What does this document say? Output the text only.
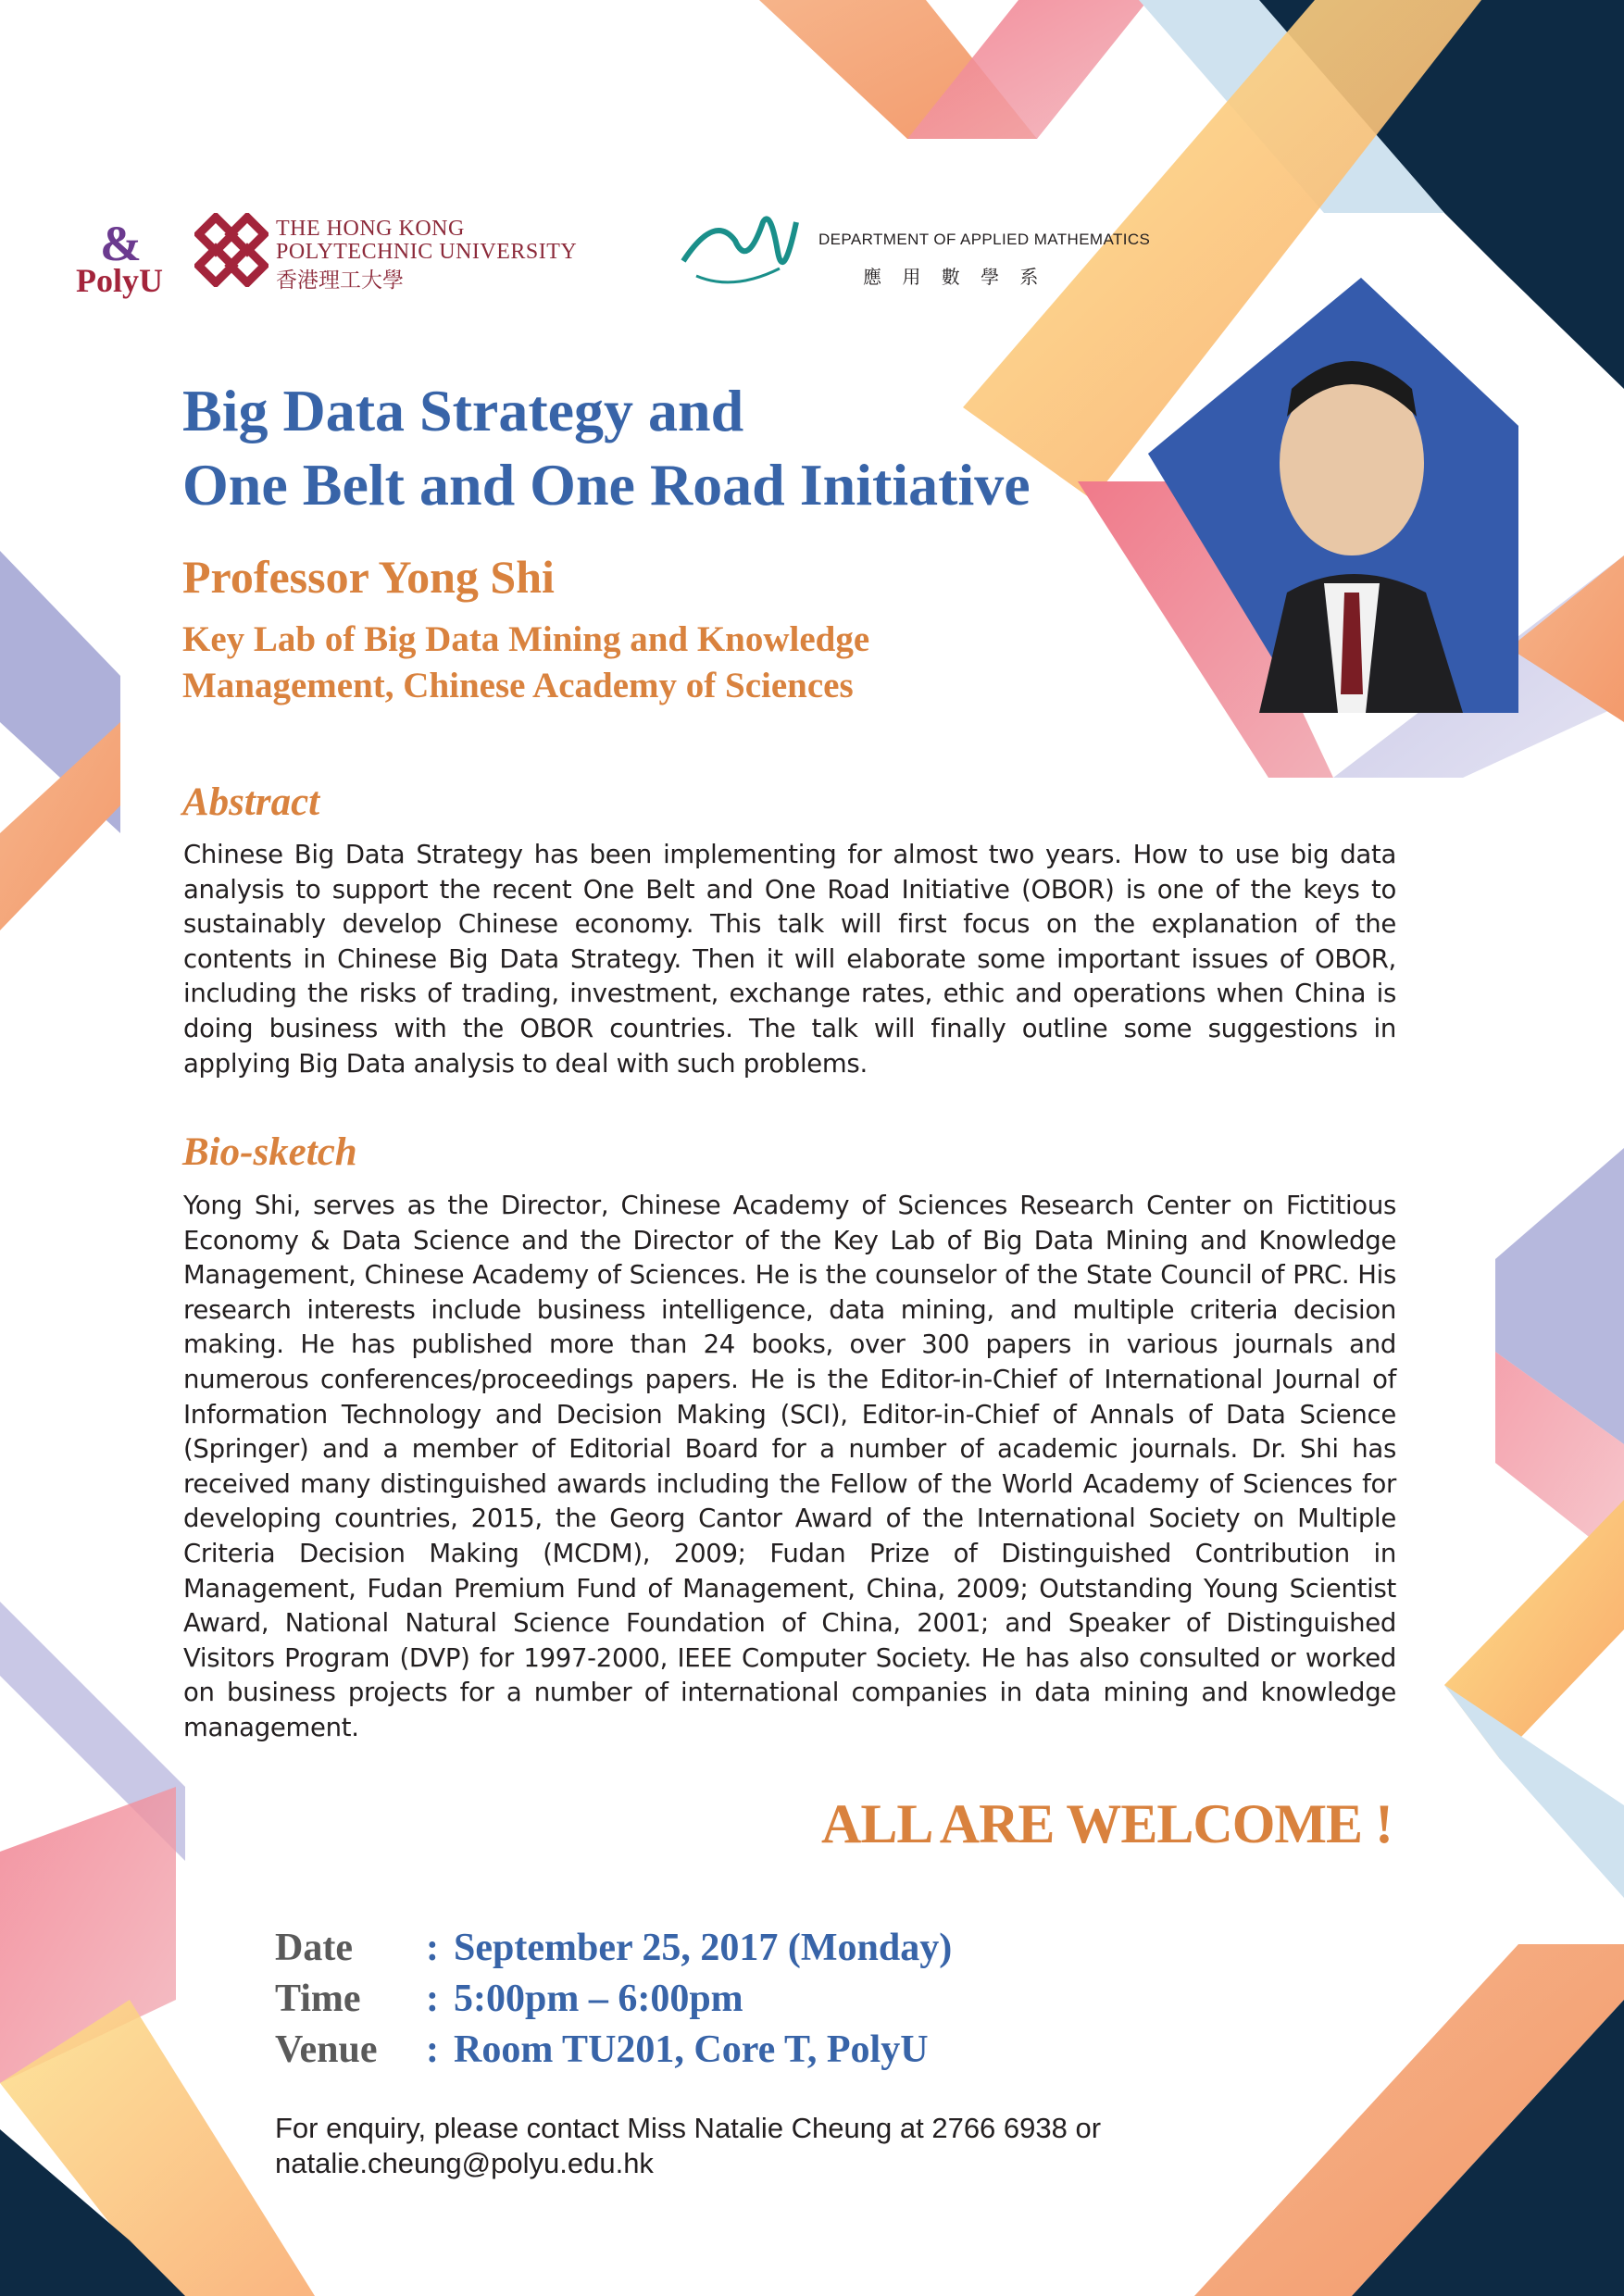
&
PolyU
THE HONG KONG
POLYTECHNIC UNIVERSITY
香港理工大學
DEPARTMENT OF APPLIED MATHEMATICS
應 用 數 學 系
Big Data Strategy and
One Belt and One Road Initiative
Professor Yong Shi
Key Lab of Big Data Mining and Knowledge
Management, Chinese Academy of Sciences
Abstract
Chinese Big Data Strategy has been implementing for almost two years. How to use big data analysis to support the recent One Belt and One Road Initiative (OBOR) is one of the keys to sustainably develop Chinese economy. This talk will first focus on the explanation of the contents in Chinese Big Data Strategy. Then it will elaborate some important issues of OBOR, including the risks of trading, investment, exchange rates, ethic and operations when China is doing business with the OBOR countries. The talk will finally outline some suggestions in applying Big Data analysis to deal with such problems.
Bio-sketch
Yong Shi, serves as the Director, Chinese Academy of Sciences Research Center on Fictitious Economy & Data Science and the Director of the Key Lab of Big Data Mining and Knowledge Management, Chinese Academy of Sciences. He is the counselor of the State Council of PRC. His research interests include business intelligence, data mining, and multiple criteria decision making. He has published more than 24 books, over 300 papers in various journals and numerous conferences/proceedings papers. He is the Editor-in-Chief of International Journal of Information Technology and Decision Making (SCI), Editor-in-Chief of Annals of Data Science (Springer) and a member of Editorial Board for a number of academic journals. Dr. Shi has received many distinguished awards including the Fellow of the World Academy of Sciences for developing countries, 2015, the Georg Cantor Award of the International Society on Multiple Criteria Decision Making (MCDM), 2009; Fudan Prize of Distinguished Contribution in Management, Fudan Premium Fund of Management, China, 2009; Outstanding Young Scientist Award, National Natural Science Foundation of China, 2001; and Speaker of Distinguished Visitors Program (DVP) for 1997-2000, IEEE Computer Society. He has also consulted or worked on business projects for a number of international companies in data mining and knowledge management.
ALL ARE WELCOME !
Date	: September 25, 2017 (Monday)
Time	: 5:00pm – 6:00pm
Venue	: Room TU201, Core T, PolyU
For enquiry, please contact Miss Natalie Cheung at 2766 6938 or
natalie.cheung@polyu.edu.hk
